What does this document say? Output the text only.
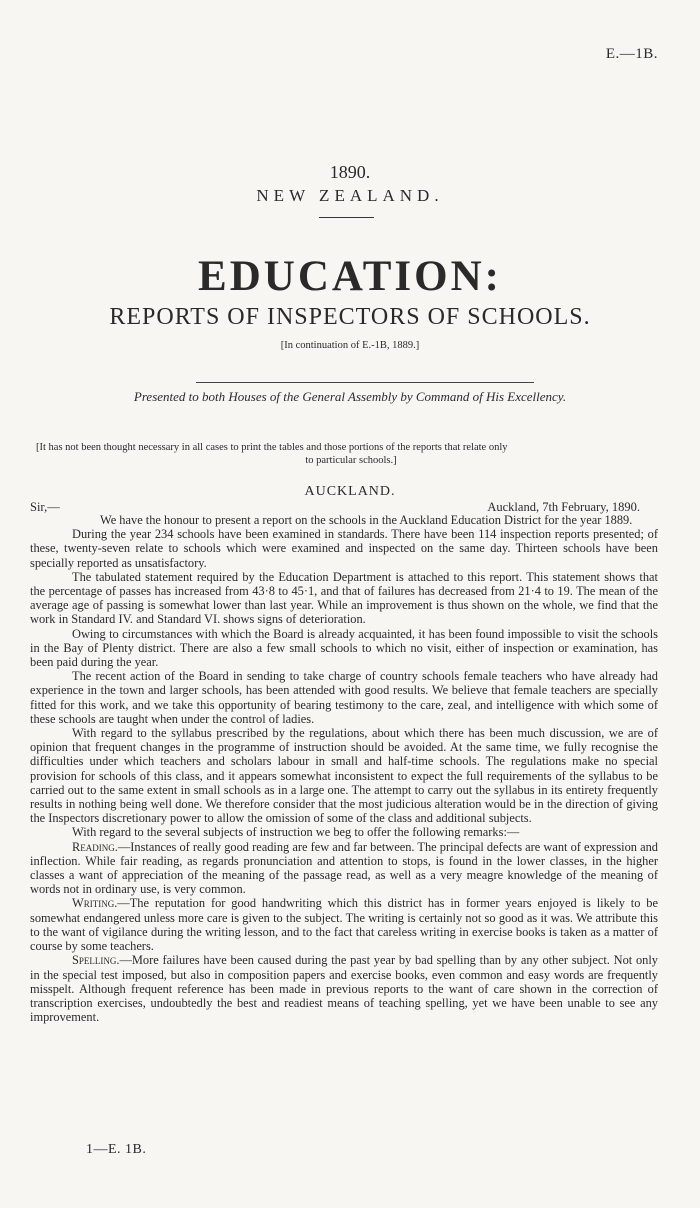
E.—1B.
1890.
NEW ZEALAND.
EDUCATION:
REPORTS OF INSPECTORS OF SCHOOLS.
[In continuation of E.-1B, 1889.]
Presented to both Houses of the General Assembly by Command of His Excellency.
[It has not been thought necessary in all cases to print the tables and those portions of the reports that relate only
to particular schools.]
AUCKLAND.
Sir,—	Auckland, 7th February, 1890.

We have the honour to present a report on the schools in the Auckland Education District for the year 1889.

During the year 234 schools have been examined in standards. There have been 114 inspection reports presented; of these, twenty-seven relate to schools which were examined and inspected on the same day. Thirteen schools have been specially reported as unsatisfactory.

The tabulated statement required by the Education Department is attached to this report. This statement shows that the percentage of passes has increased from 43·8 to 45·1, and that of failures has decreased from 21·4 to 19. The mean of the average age of passing is somewhat lower than last year. While an improvement is thus shown on the whole, we find that the work in Standard IV. and Standard VI. shows signs of deterioration.

Owing to circumstances with which the Board is already acquainted, it has been found impossible to visit the schools in the Bay of Plenty district. There are also a few small schools to which no visit, either of inspection or examination, has been paid during the year.

The recent action of the Board in sending to take charge of country schools female teachers who have already had experience in the town and larger schools, has been attended with good results. We believe that female teachers are specially fitted for this work, and we take this opportunity of bearing testimony to the care, zeal, and intelligence with which some of these schools are taught when under the control of ladies.

With regard to the syllabus prescribed by the regulations, about which there has been much discussion, we are of opinion that frequent changes in the programme of instruction should be avoided. At the same time, we fully recognise the difficulties under which teachers and scholars labour in small and half-time schools. The regulations make no special provision for schools of this class, and it appears somewhat inconsistent to expect the full requirements of the syllabus to be carried out to the same extent in small schools as in a large one. The attempt to carry out the syllabus in its entirety frequently results in nothing being well done. We therefore consider that the most judicious alteration would be in the direction of giving the Inspectors discretionary power to allow the omission of some of the class and additional subjects.

With regard to the several subjects of instruction we beg to offer the following remarks:—

Reading.—Instances of really good reading are few and far between. The principal defects are want of expression and inflection. While fair reading, as regards pronunciation and attention to stops, is found in the lower classes, in the higher classes a want of appreciation of the meaning of the passage read, as well as a very meagre knowledge of the meaning of words not in ordinary use, is very common.

Writing.—The reputation for good handwriting which this district has in former years enjoyed is likely to be somewhat endangered unless more care is given to the subject. The writing is certainly not so good as it was. We attribute this to the want of vigilance during the writing lesson, and to the fact that careless writing in exercise books is taken as a matter of course by some teachers.

Spelling.—More failures have been caused during the past year by bad spelling than by any other subject. Not only in the special test imposed, but also in composition papers and exercise books, even common and easy words are frequently misspelt. Although frequent reference has been made in previous reports to the want of care shown in the correction of transcription exercises, undoubtedly the best and readiest means of teaching spelling, yet we have been unable to see any improvement.

1—E. 1B.
